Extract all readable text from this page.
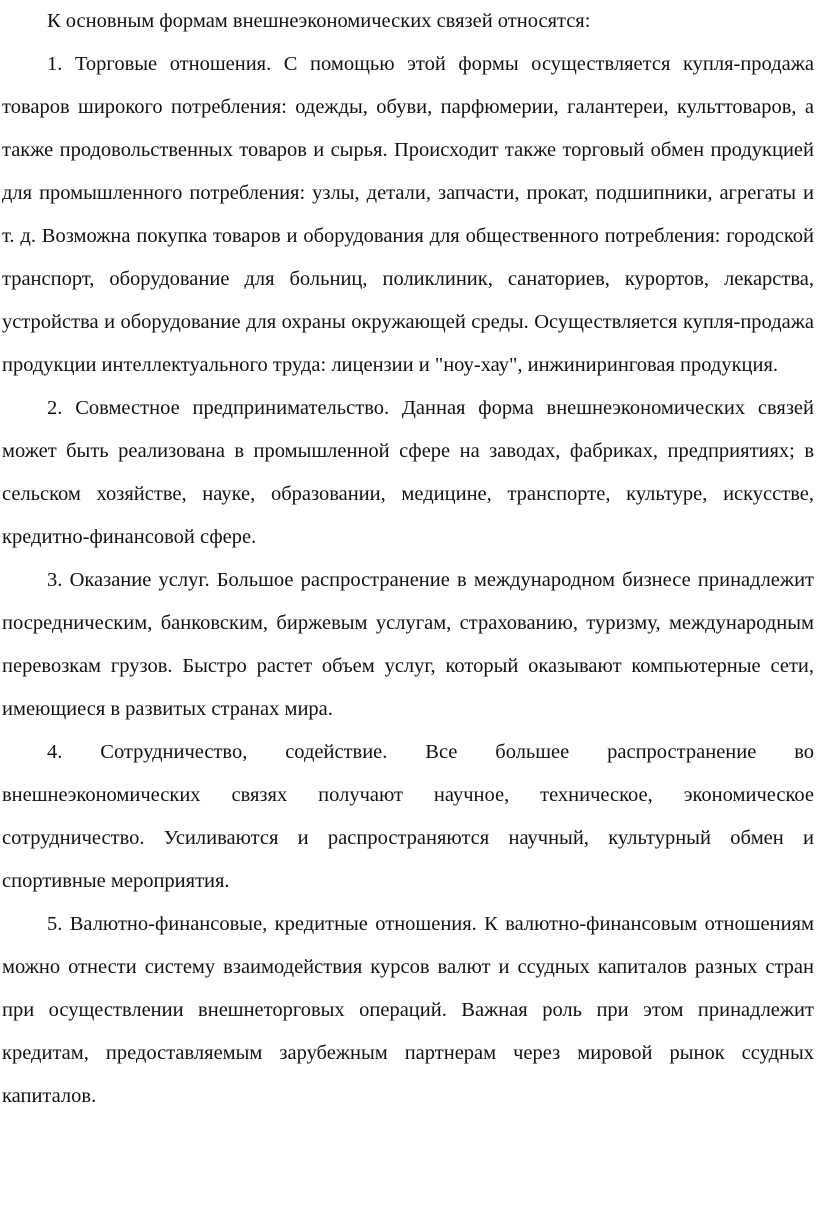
К основным формам внешнеэкономических связей относятся:

1. Торговые отношения. С помощью этой формы осуществляется купля-продажа товаров широкого потребления: одежды, обуви, парфюмерии, галантереи, культтоваров, а также продовольственных товаров и сырья. Происходит также торговый обмен продукцией для промышленного потребления: узлы, детали, запчасти, прокат, подшипники, агрегаты и т. д. Возможна покупка товаров и оборудования для общественного потребления: городской транспорт, оборудование для больниц, поликлиник, санаториев, курортов, лекарства, устройства и оборудование для охраны окружающей среды. Осуществляется купля-продажа продукции интеллектуального труда: лицензии и "ноу-хау", инжиниринговая продукция.

2. Совместное предпринимательство. Данная форма внешнеэкономических связей может быть реализована в промышленной сфере на заводах, фабриках, предприятиях; в сельском хозяйстве, науке, образовании, медицине, транспорте, культуре, искусстве, кредитно-финансовой сфере.

3. Оказание услуг. Большое распространение в международном бизнесе принадлежит посредническим, банковским, биржевым услугам, страхованию, туризму, международным перевозкам грузов. Быстро растет объем услуг, который оказывают компьютерные сети, имеющиеся в развитых странах мира.

4. Сотрудничество, содействие. Все большее распространение во внешнеэкономических связях получают научное, техническое, экономическое сотрудничество. Усиливаются и распространяются научный, культурный обмен и спортивные мероприятия.

5. Валютно-финансовые, кредитные отношения. К валютно-финансовым отношениям можно отнести систему взаимодействия курсов валют и ссудных капиталов разных стран при осуществлении внешнеторговых операций. Важная роль при этом принадлежит кредитам, предоставляемым зарубежным партнерам через мировой рынок ссудных капиталов.
